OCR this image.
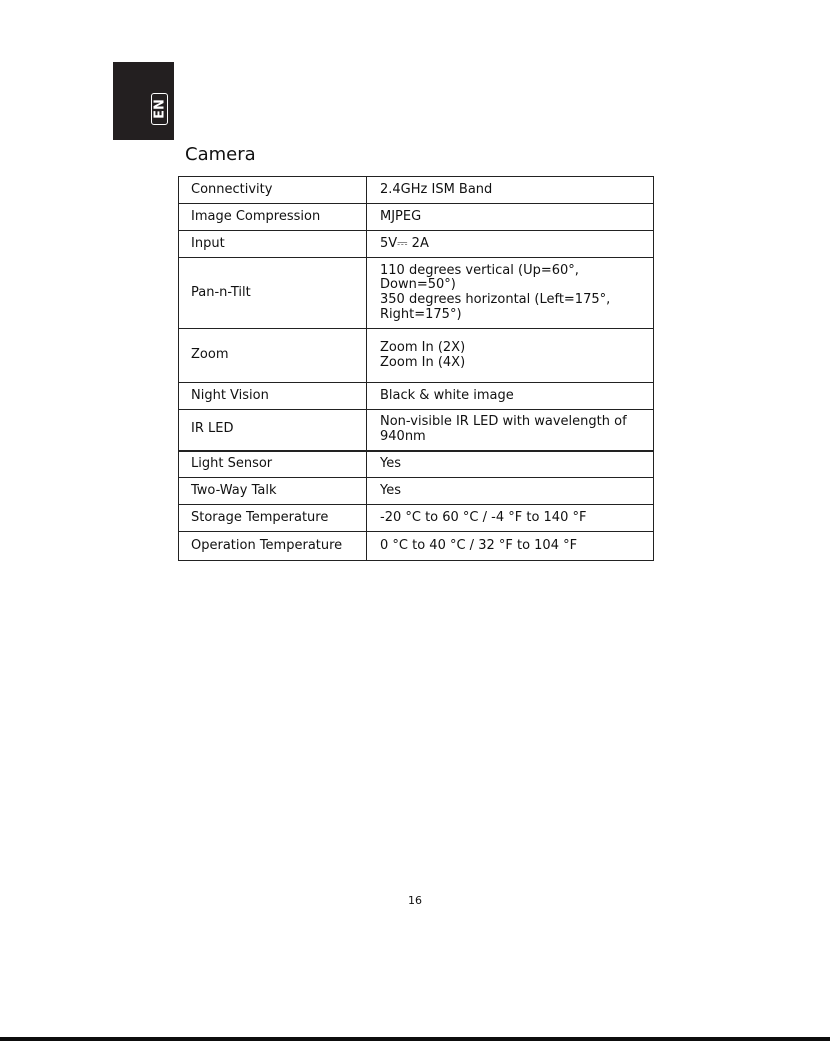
EN
Camera
Connectivity	2.4GHz ISM Band
Image Compression	MJPEG
Input	5V⎓ 2A
Pan-n-Tilt	110 degrees vertical (Up=60°,
Down=50°)
350 degrees horizontal (Left=175°,
Right=175°)
Zoom	Zoom In (2X)
Zoom In (4X)
Night Vision	Black & white image
IR LED	Non-visible IR LED with wavelength of
940nm
Light Sensor	Yes
Two-Way Talk	Yes
Storage Temperature	-20 °C to 60 °C / -4 °F to 140 °F
Operation Temperature	0 °C to 40 °C / 32 °F to 104 °F
16
